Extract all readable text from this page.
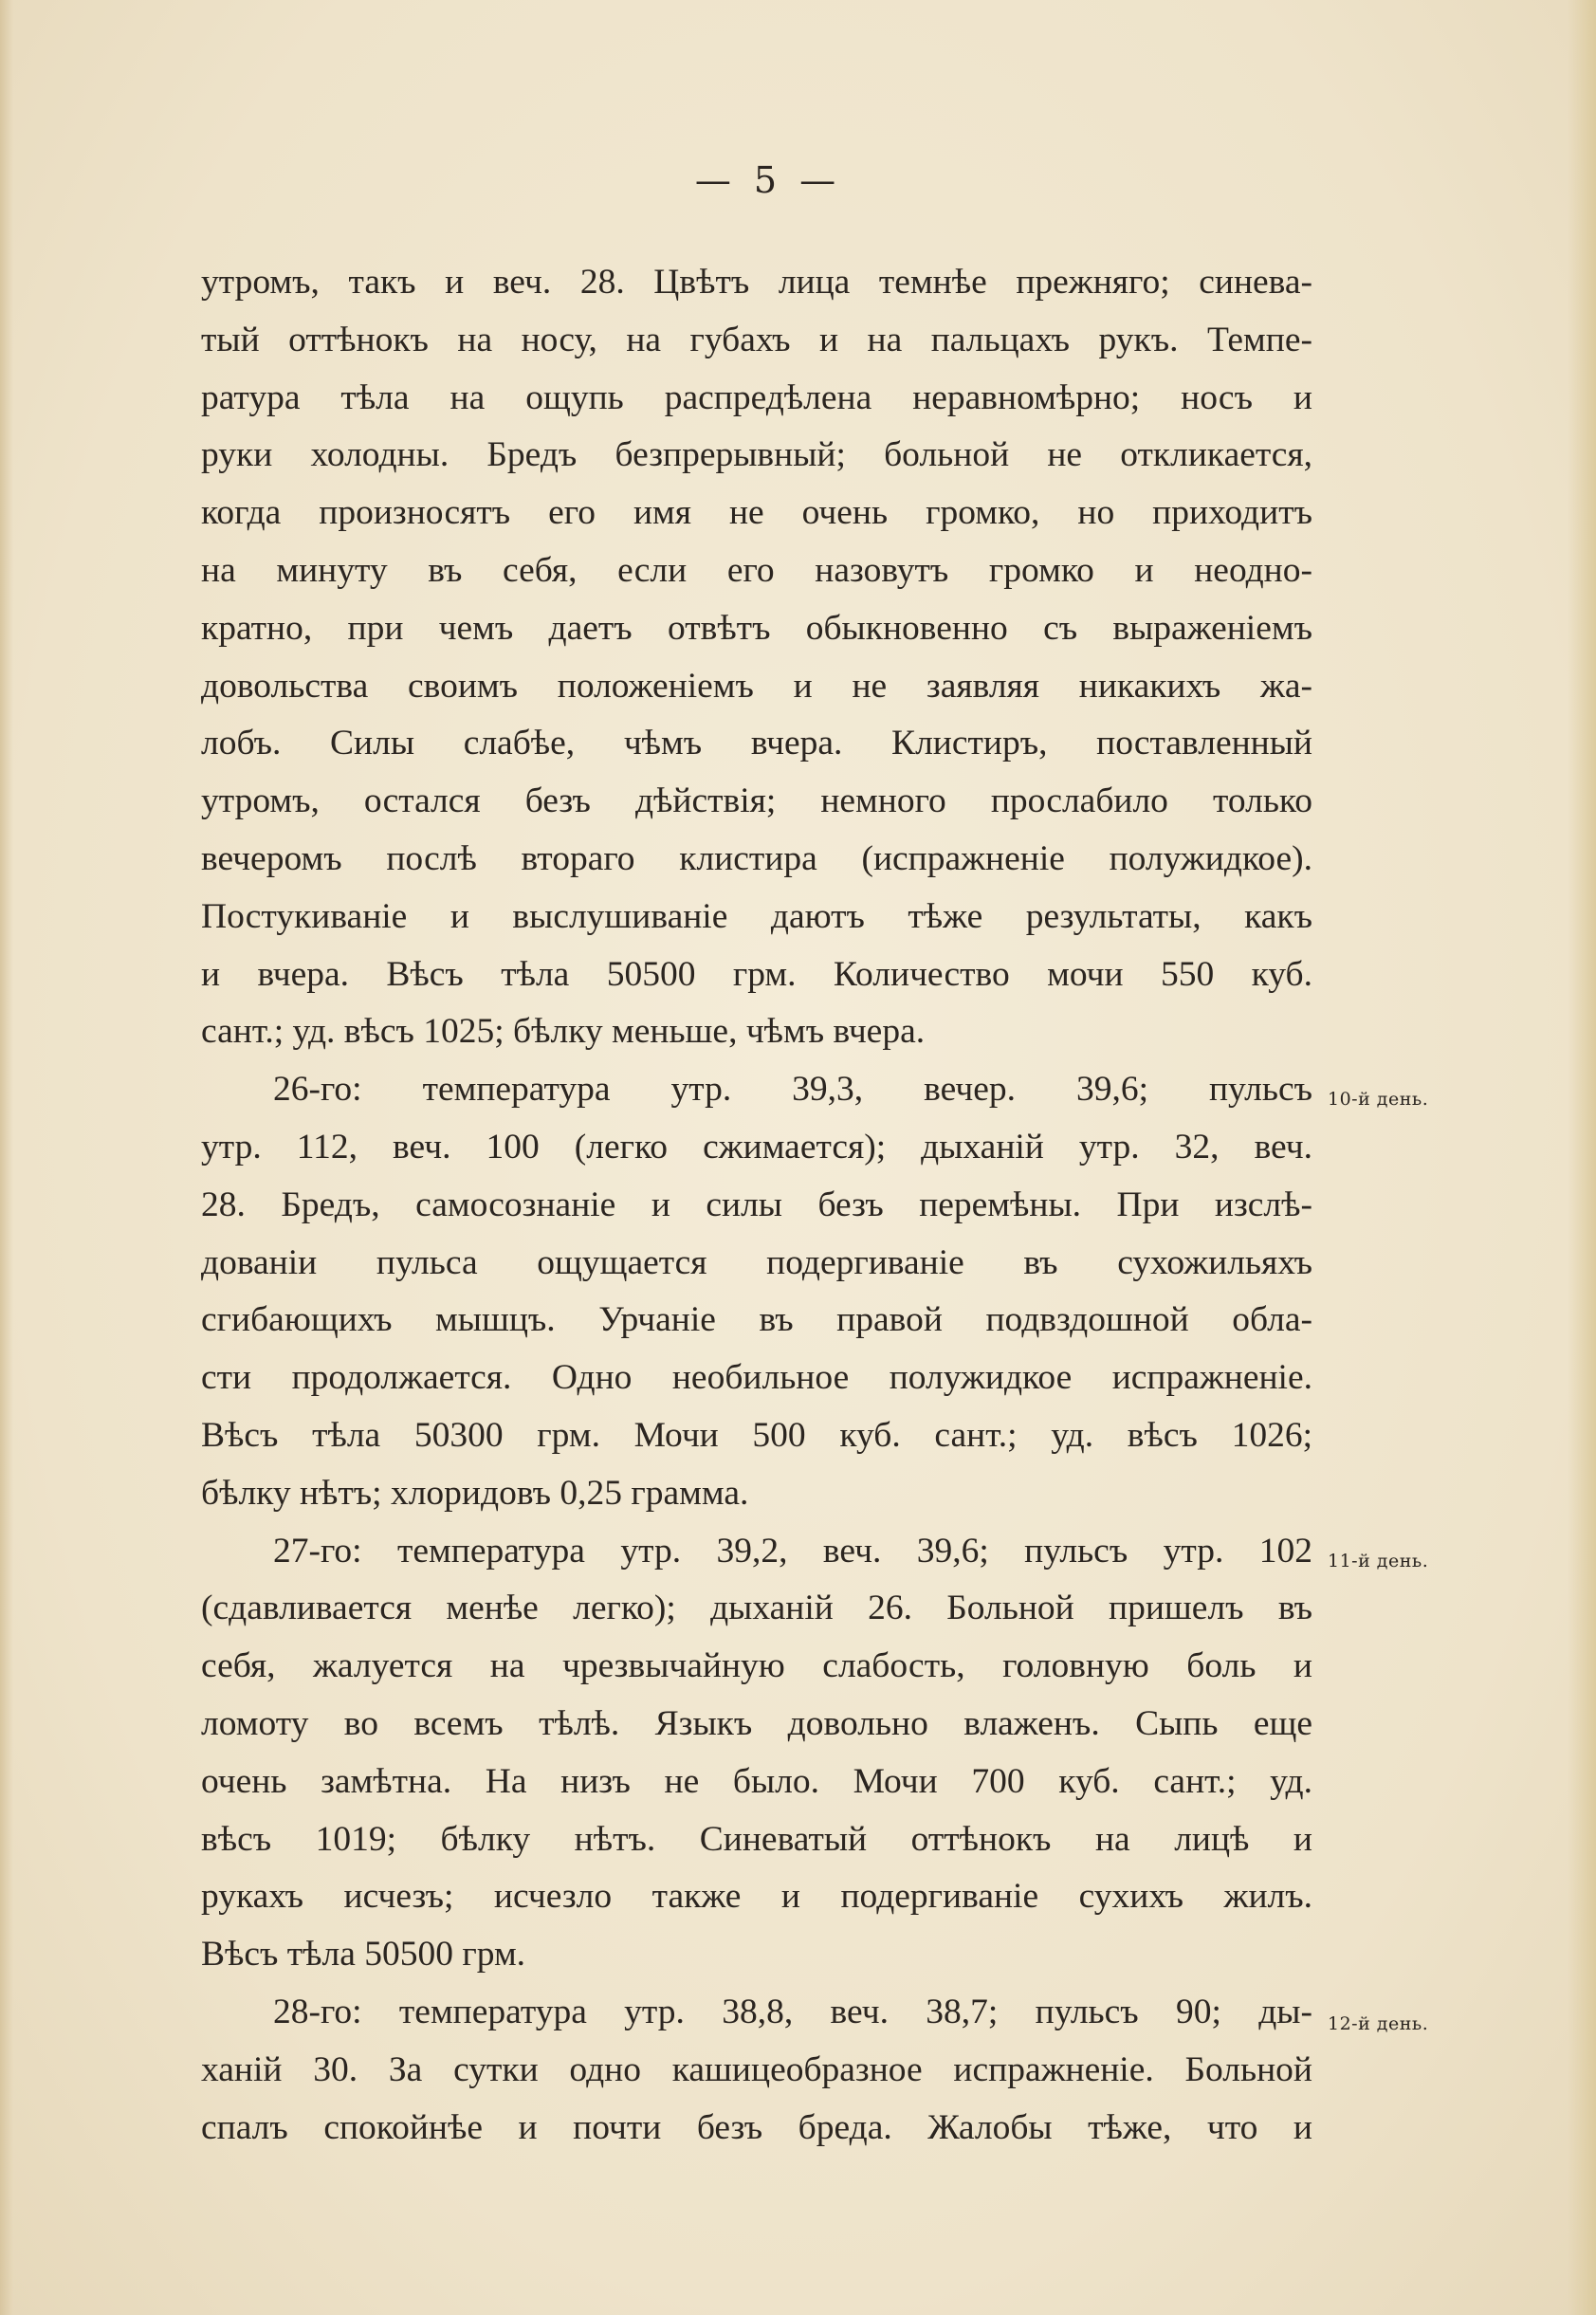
— 5 —
утромъ, такъ и веч. 28. Цвѣтъ лица темнѣе прежняго; синева-
тый оттѣнокъ на носу, на губахъ и на пальцахъ рукъ. Темпе-
ратура тѣла на ощупь распредѣлена неравномѣрно; носъ и
руки холодны. Бредъ безпрерывный; больной не откликается,
когда произносятъ его имя не очень громко, но приходитъ
на минуту въ себя, если его назовутъ громко и неодно-
кратно, при чемъ даетъ отвѣтъ обыкновенно съ выраженіемъ
довольства своимъ положеніемъ и не заявляя никакихъ жа-
лобъ. Силы слабѣе, чѣмъ вчера. Клистиръ, поставленный
утромъ, остался безъ дѣйствія; немного прослабило только
вечеромъ послѣ втораго клистира (испражненіе полужидкое).
Постукиваніе и выслушиваніе даютъ тѣже результаты, какъ
и вчера. Вѣсъ тѣла 50500 грм. Количество мочи 550 куб.
сант.; уд. вѣсъ 1025; бѣлку меньше, чѣмъ вчера.
26-го: температура утр. 39,3, вечер. 39,6; пульсъ
утр. 112, веч. 100 (легко сжимается); дыханій утр. 32, веч.
28. Бредъ, самосознаніе и силы безъ перемѣны. При изслѣ-
дованіи пульса ощущается подергиваніе въ сухожильяхъ
сгибающихъ мышцъ. Урчаніе въ правой подвздошной обла-
сти продолжается. Одно необильное полужидкое испражненіе.
Вѣсъ тѣла 50300 грм. Мочи 500 куб. сант.; уд. вѣсъ 1026;
бѣлку нѣтъ; хлоридовъ 0,25 грамма.
27-го: температура утр. 39,2, веч. 39,6; пульсъ утр. 102
(сдавливается менѣе легко); дыханій 26. Больной пришелъ въ
себя, жалуется на чрезвычайную слабость, головную боль и
ломоту во всемъ тѣлѣ. Языкъ довольно влаженъ. Сыпь еще
очень замѣтна. На низъ не было. Мочи 700 куб. сант.; уд.
вѣсъ 1019; бѣлку нѣтъ. Синеватый оттѣнокъ на лицѣ и
рукахъ исчезъ; исчезло также и подергиваніе сухихъ жилъ.
Вѣсъ тѣла 50500 грм.
28-го: температура утр. 38,8, веч. 38,7; пульсъ 90; ды-
ханій 30. За сутки одно кашицеобразное испражненіе. Больной
спалъ спокойнѣе и почти безъ бреда. Жалобы тѣже, что и
10-й день.
11-й день.
12-й день.
